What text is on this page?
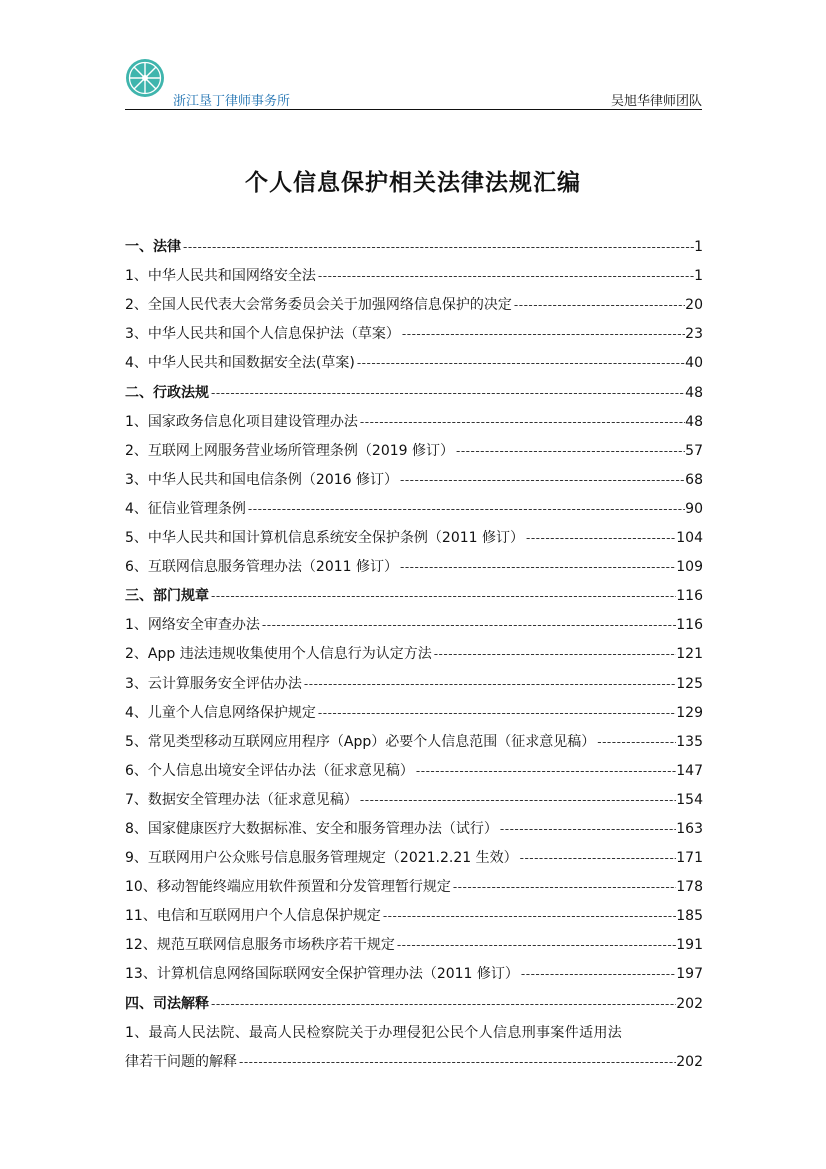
浙江垦丁律师事务所	吴旭华律师团队
个人信息保护相关法律法规汇编
一、法律 -----	1
1、中华人民共和国网络安全法 -----	1
2、全国人民代表大会常务委员会关于加强网络信息保护的决定 -----	20
3、中华人民共和国个人信息保护法（草案） -----	23
4、中华人民共和国数据安全法(草案) -----	40
二、行政法规 -----	48
1、国家政务信息化项目建设管理办法 -----	48
2、互联网上网服务营业场所管理条例（2019 修订） -----	57
3、中华人民共和国电信条例（2016 修订） -----	68
4、征信业管理条例 -----	90
5、中华人民共和国计算机信息系统安全保护条例（2011 修订） -----	104
6、互联网信息服务管理办法（2011 修订） -----	109
三、部门规章 -----	116
1、网络安全审查办法 -----	116
2、App 违法违规收集使用个人信息行为认定方法 -----	121
3、云计算服务安全评估办法 -----	125
4、儿童个人信息网络保护规定 -----	129
5、常见类型移动互联网应用程序（App）必要个人信息范围（征求意见稿） -----	135
6、个人信息出境安全评估办法（征求意见稿） -----	147
7、数据安全管理办法（征求意见稿） -----	154
8、国家健康医疗大数据标准、安全和服务管理办法（试行） -----	163
9、互联网用户公众账号信息服务管理规定（2021.2.21 生效） -----	171
10、移动智能终端应用软件预置和分发管理暂行规定 -----	178
11、电信和互联网用户个人信息保护规定 -----	185
12、规范互联网信息服务市场秩序若干规定 -----	191
13、计算机信息网络国际联网安全保护管理办法（2011 修订） -----	197
四、司法解释 -----	202
1、最高人民法院、最高人民检察院关于办理侵犯公民个人信息刑事案件适用法
律若干问题的解释 -----	202
